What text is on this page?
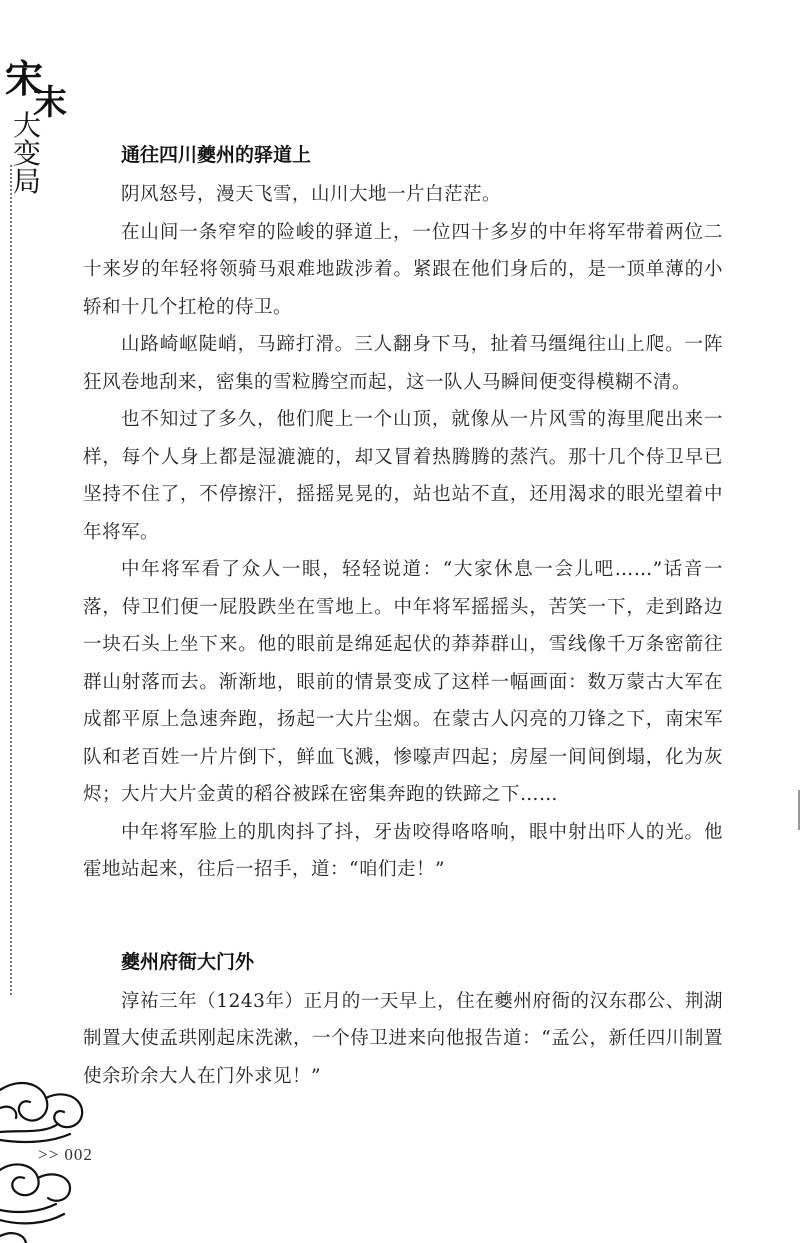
宋
末
大
变
局
通往四川夔州的驿道上

阴风怒号，漫天飞雪，山川大地一片白茫茫。

在山间一条窄窄的险峻的驿道上，一位四十多岁的中年将军带着两位二十来岁的年轻将领骑马艰难地跋涉着。紧跟在他们身后的，是一顶单薄的小轿和十几个扛枪的侍卫。

山路崎岖陡峭，马蹄打滑。三人翻身下马，扯着马缰绳往山上爬。一阵狂风卷地刮来，密集的雪粒腾空而起，这一队人马瞬间便变得模糊不清。

也不知过了多久，他们爬上一个山顶，就像从一片风雪的海里爬出来一样，每个人身上都是湿漉漉的，却又冒着热腾腾的蒸汽。那十几个侍卫早已坚持不住了，不停擦汗，摇摇晃晃的，站也站不直，还用渴求的眼光望着中年将军。

中年将军看了众人一眼，轻轻说道：“大家休息一会儿吧……”话音一落，侍卫们便一屁股跌坐在雪地上。中年将军摇摇头，苦笑一下，走到路边一块石头上坐下来。他的眼前是绵延起伏的莽莽群山，雪线像千万条密箭往群山射落而去。渐渐地，眼前的情景变成了这样一幅画面：数万蒙古大军在成都平原上急速奔跑，扬起一大片尘烟。在蒙古人闪亮的刀锋之下，南宋军队和老百姓一片片倒下，鲜血飞溅，惨嚎声四起；房屋一间间倒塌，化为灰烬；大片大片金黄的稻谷被踩在密集奔跑的铁蹄之下……

中年将军脸上的肌肉抖了抖，牙齿咬得咯咯响，眼中射出吓人的光。他霍地站起来，往后一招手，道：“咱们走！”

夔州府衙大门外

淳祐三年（1243年）正月的一天早上，住在夔州府衙的汉东郡公、荆湖制置大使孟珙刚起床洗漱，一个侍卫进来向他报告道：“孟公，新任四川制置使余玠余大人在门外求见！”

>> 002
